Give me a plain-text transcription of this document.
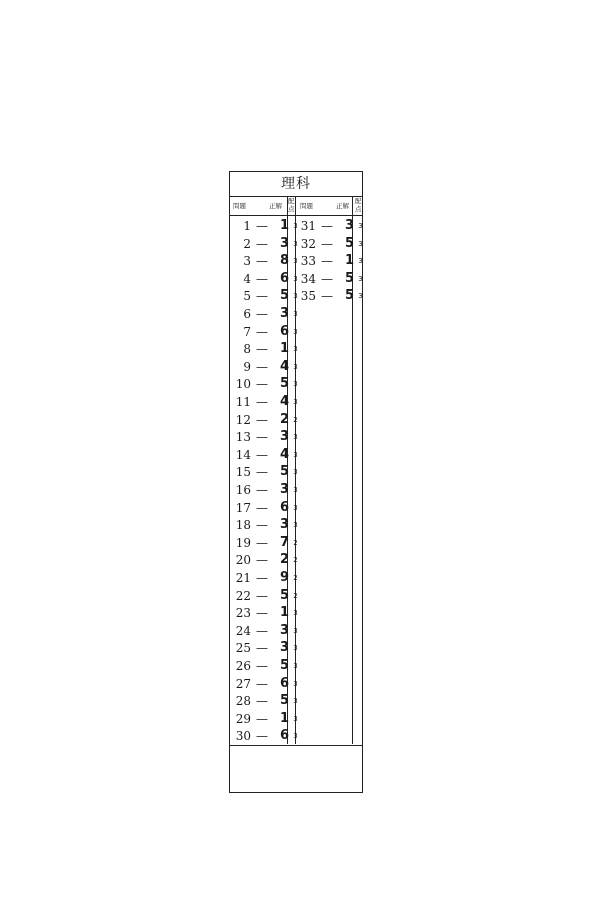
理科
問題	正解
配点 問題	正解
配点
1 — 1 3
2 — 3 3
3 — 8 3
4 — 6 3
5 — 5 3
6 — 3 3
7 — 6 3
8 — 1 3
9 — 4 3
10 — 5 3
11 — 4 3
12 — 2 2
13 — 3 3
14 — 4 3
15 — 5 3
16 — 3 3
17 — 6 3
18 — 3 3
19 — 7 2
20 — 2 2
21 — 9 2
22 — 5 2
23 — 1 3
24 — 3 3
25 — 3 3
26 — 5 3
27 — 6 3
28 — 5 3
29 — 1 3
30 — 6 3
31 — 3 3
32 — 5 3
33 — 1 3
34 — 5 3
35 — 5 3
